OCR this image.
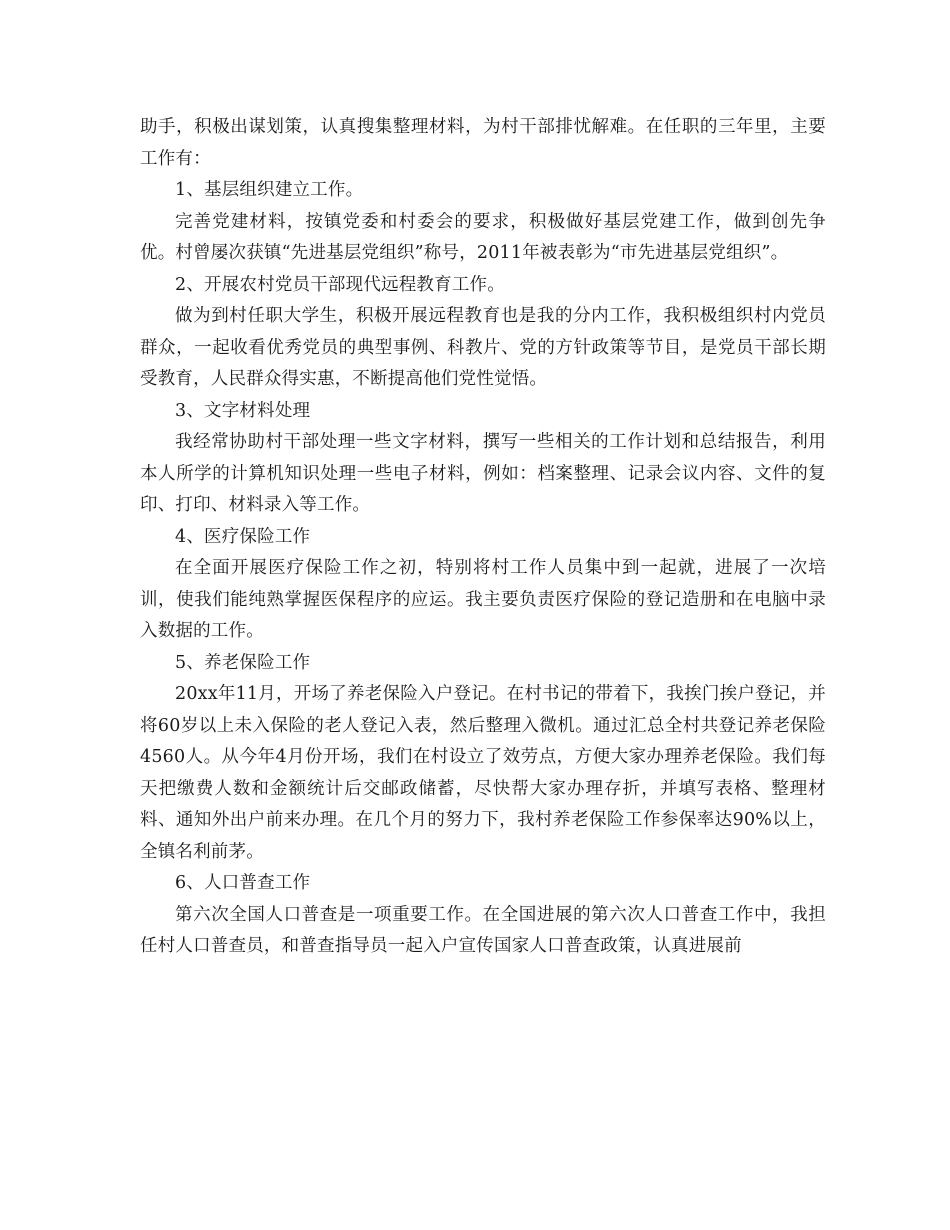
助手，积极出谋划策，认真搜集整理材料，为村干部排忧解难。在任职的三年里，主要工作有：

1、基层组织建立工作。

完善党建材料，按镇党委和村委会的要求，积极做好基层党建工作，做到创先争优。村曾屡次获镇“先进基层党组织”称号，2011年被表彰为“市先进基层党组织”。

2、开展农村党员干部现代远程教育工作。

做为到村任职大学生，积极开展远程教育也是我的分内工作，我积极组织村内党员群众，一起收看优秀党员的典型事例、科教片、党的方针政策等节目，是党员干部长期受教育，人民群众得实惠，不断提高他们党性觉悟。

3、文字材料处理

我经常协助村干部处理一些文字材料，撰写一些相关的工作计划和总结报告，利用本人所学的计算机知识处理一些电子材料，例如：档案整理、记录会议内容、文件的复印、打印、材料录入等工作。

4、医疗保险工作

在全面开展医疗保险工作之初，特别将村工作人员集中到一起就，进展了一次培训，使我们能纯熟掌握医保程序的应运。我主要负责医疗保险的登记造册和在电脑中录入数据的工作。

5、养老保险工作

20xx年11月，开场了养老保险入户登记。在村书记的带着下，我挨门挨户登记，并将60岁以上未入保险的老人登记入表，然后整理入微机。通过汇总全村共登记养老保险4560人。从今年4月份开场，我们在村设立了效劳点，方便大家办理养老保险。我们每天把缴费人数和金额统计后交邮政储蓄，尽快帮大家办理存折，并填写表格、整理材料、通知外出户前来办理。在几个月的努力下，我村养老保险工作参保率达90%以上，全镇名利前茅。

6、人口普查工作

第六次全国人口普查是一项重要工作。在全国进展的第六次人口普查工作中，我担任村人口普查员，和普查指导员一起入户宣传国家人口普查政策，认真进展前
